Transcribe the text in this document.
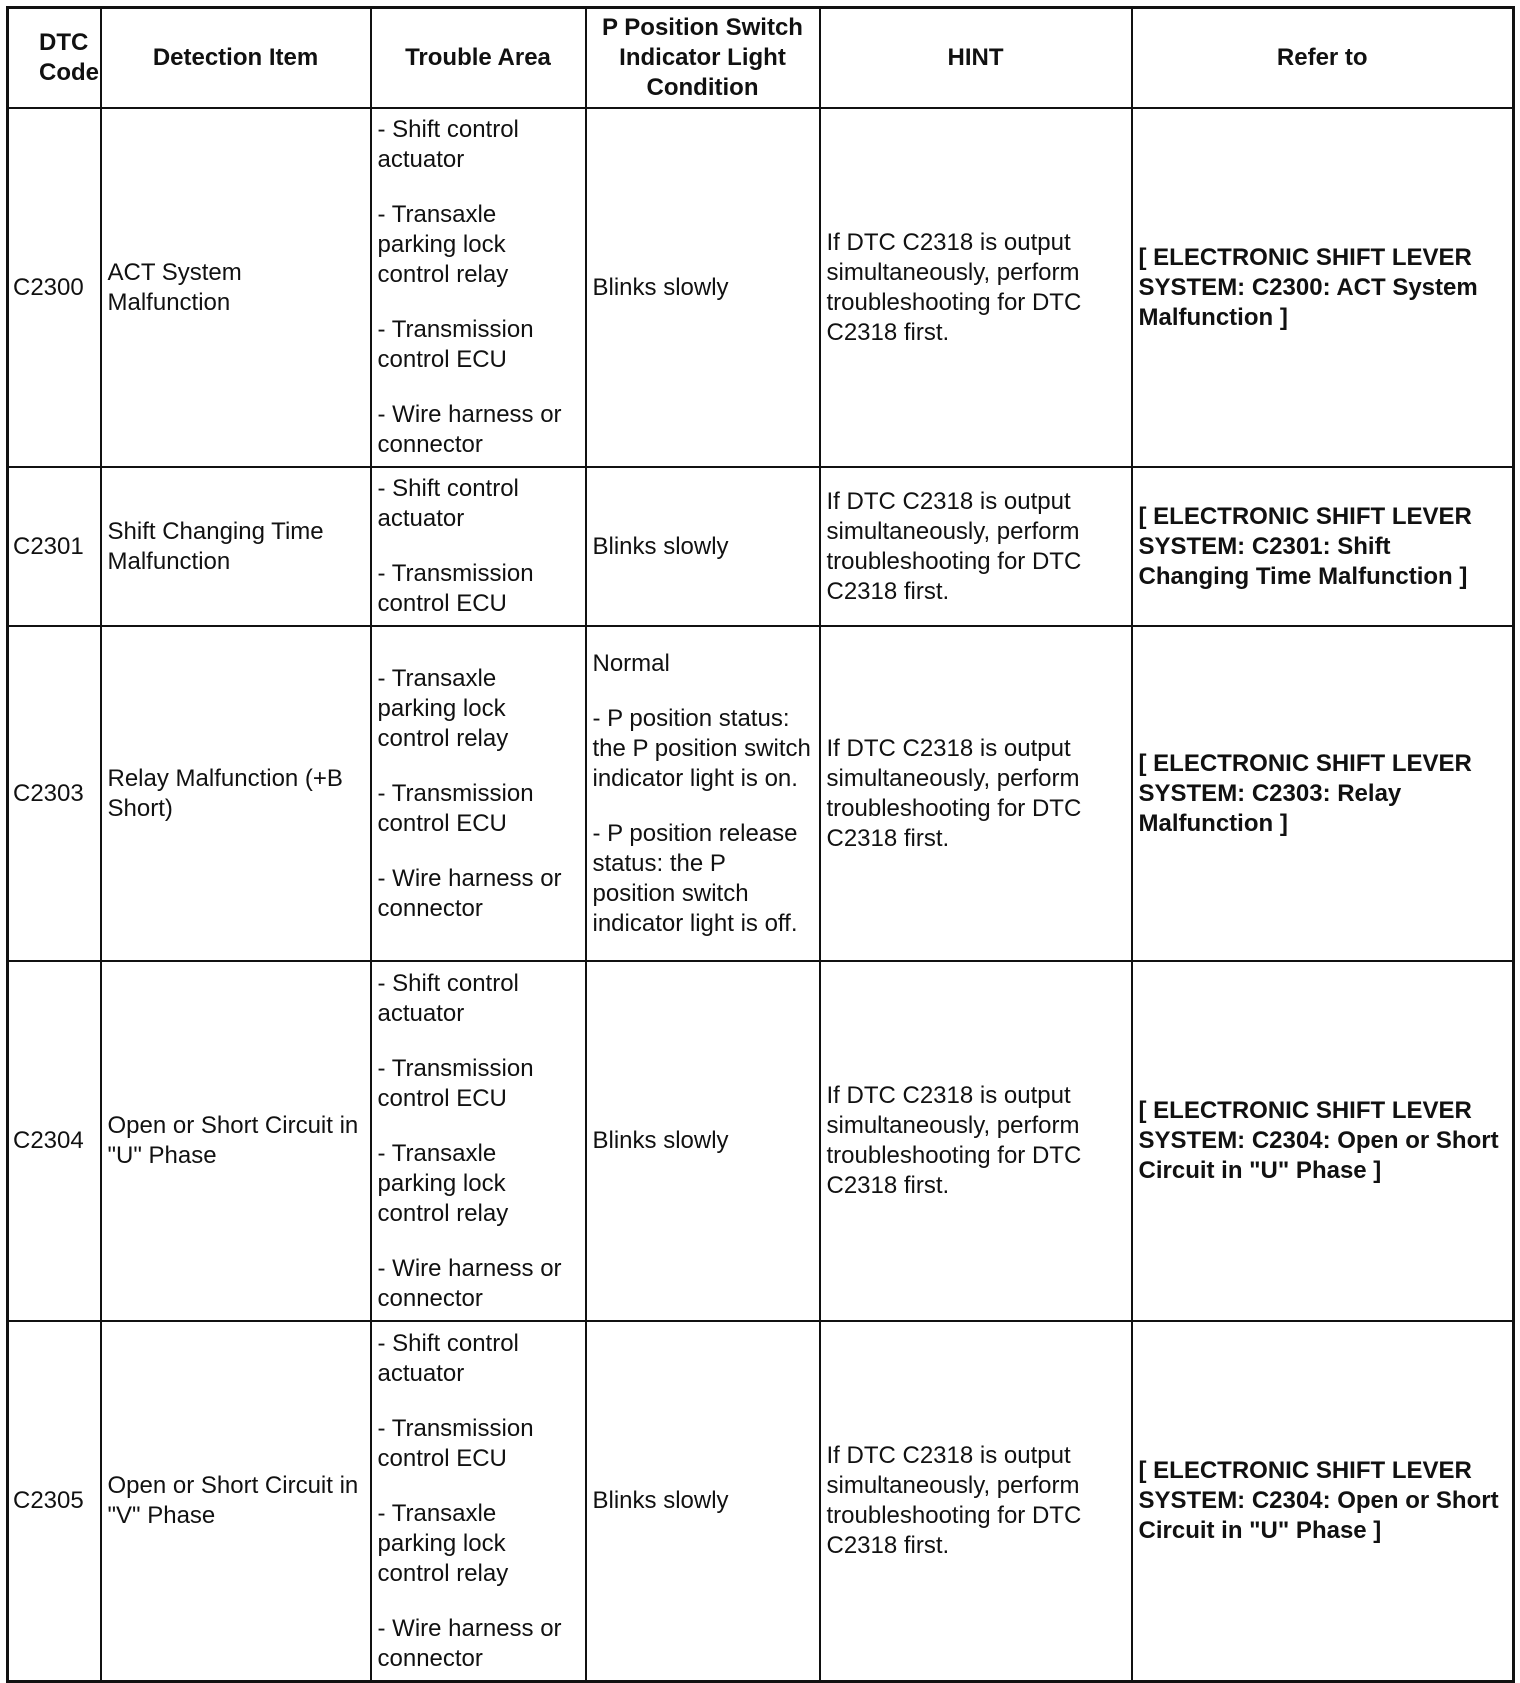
DTC Code	Detection Item	Trouble Area	P Position Switch Indicator Light Condition	HINT	Refer to
C2300	ACT System Malfunction	- Shift control actuator
- Transaxle parking lock control relay
- Transmission control ECU
- Wire harness or connector	Blinks slowly	If DTC C2318 is output simultaneously, perform troubleshooting for DTC C2318 first.	[ ELECTRONIC SHIFT LEVER SYSTEM: C2300: ACT System Malfunction ]
C2301	Shift Changing Time Malfunction	- Shift control actuator
- Transmission control ECU	Blinks slowly	If DTC C2318 is output simultaneously, perform troubleshooting for DTC C2318 first.	[ ELECTRONIC SHIFT LEVER SYSTEM: C2301: Shift Changing Time Malfunction ]
C2303	Relay Malfunction (+B Short)	- Transaxle parking lock control relay
- Transmission control ECU
- Wire harness or connector	Normal
- P position status: the P position switch indicator light is on.
- P position release status: the P position switch indicator light is off.	If DTC C2318 is output simultaneously, perform troubleshooting for DTC C2318 first.	[ ELECTRONIC SHIFT LEVER SYSTEM: C2303: Relay Malfunction ]
C2304	Open or Short Circuit in "U" Phase	- Shift control actuator
- Transmission control ECU
- Transaxle parking lock control relay
- Wire harness or connector	Blinks slowly	If DTC C2318 is output simultaneously, perform troubleshooting for DTC C2318 first.	[ ELECTRONIC SHIFT LEVER SYSTEM: C2304: Open or Short Circuit in "U" Phase ]
C2305	Open or Short Circuit in "V" Phase	- Shift control actuator
- Transmission control ECU
- Transaxle parking lock control relay
- Wire harness or connector	Blinks slowly	If DTC C2318 is output simultaneously, perform troubleshooting for DTC C2318 first.	[ ELECTRONIC SHIFT LEVER SYSTEM: C2304: Open or Short Circuit in "U" Phase ]
